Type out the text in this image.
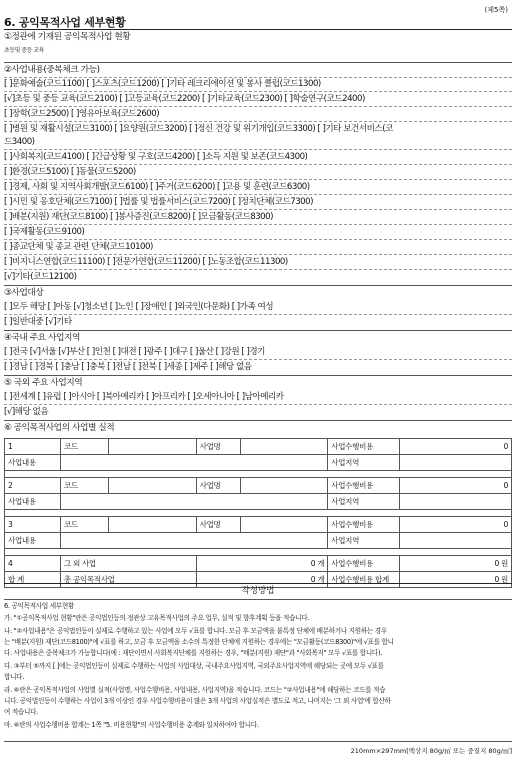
(제5쪽)
6. 공익목적사업 세부현황
①정관에 기재된 공익목적사업 현황
초등및 중등 교육
②사업내용(중복체크 가능)
[ ]문화예술(코드1100) [ ]스포츠(코드1200) [ ]기타 레크리에이션 및 봉사 클럽(코드1300)
[√]초등 및 중등 교육(코드2100) [ ]고등교육(코드2200) [ ]기타교육(코드2300) [ ]학술연구(코드2400)
[ ]장학(코드2500) [ ]영유아보육(코드2600)
[ ]병원 및 재활시설(코드3100) [ ]요양원(코드3200) [ ]정신 건강 및 위기개입(코드3300) [ ]기타 보건서비스(코
드3400)
[ ]사회복지(코드4100) [ ]긴급상황 및 구호(코드4200) [ ]소득 지원 및 보존(코드4300)
[ ]환경(코드5100) [ ]동물(코드5200)
[ ]경제, 사회 및 지역사회개발(코드6100) [ ]주거(코드6200) [ ]고용 및 훈련(코드6300)
[ ]시민 및 옹호단체(코드7100) [ ]법률 및 법률서비스(코드7200) [ ]정치단체(코드7300)
[ ]배분(지원) 재단(코드8100) [ ]봉사증진(코드8200) [ ]모금활동(코드8300)
[ ]국제활동(코드9100)
[ ]종교단체 및 종교 관련 단체(코드10100)
[ ]비지니스연합(코드11100) [ ]전문가연합(코드11200) [ ]노동조합(코드11300)
[√]기타(코드12100)
③사업대상
[ ]모두 해당 [ ]아동 [√]청소년 [ ]노인 [ ]장애인 [ ]외국인(다문화) [ ]가족 여성
[ ]일반대중 [√]기타
④국내 주요 사업지역
[ ]전국 [√]서울 [√]부산 [ ]인천 [ ]대전 [ ]광주 [ ]대구 [ ]울산 [ ]강원 [ ]경기
[ ]경남 [ ]경북 [ ]충남 [ ]충북 [ ]전남 [ ]전북 [ ]세종 [ ]제주 [ ]해당 없음
⑤ 국외 주요 사업지역
[ ]전세계 [ ]유럽 [ ]아시아 [ ]북아메리카 [ ]아프리카 [ ]오세아니아 [ ]남아메리카
[√]해당 없음
⑥ 공익목적사업의 사업별 실적
1	코드		사업명		사업수행비용	0
사업내용					사업지역	

2	코드		사업명		사업수행비용	0
사업내용					사업지역	

3	코드		사업명		사업수행비용	0
사업내용					사업지역	

4	그 외 사업		0 개		사업수행비용	0 원
합 계	총 공익목적사업		0 개		사업수행비용 합계	0 원
작성방법
6. 공익목적사업 세부현황
가. "①공익목적사업 현황"란은 공익법인등의 정관상 고유목적사업의 주요 업무, 실적 및 향후계획 등을 적습니다.
나. "②사업내용"은 공익법인등이 실제로 수행하고 있는 사업에 모두 √표를 합니다. 모금 후 모금액을 불특정 단체에 배분하거나 지원하는 경우
는 "배분(지원) 재단(코드8100)"에 √표를 하고, 모금 후 모금액을 소수의 특정한 단체에 지원하는 경우에는 "모금활동(코드8300)"에 √표를 합니
다. 사업내용은 중복체크가 가능합니다(예 : 재단이면서 사회복지단체를 지원하는 경우, "배분(지원) 재단"과 "사회복지" 모두 √표를 합니다).
다. ③부터 ⑤까지 [ ]에는 공익법인등이 실제로 수행하는 사업의 사업대상, 국내주요사업지역, 국외주요사업지역에 해당되는 곳에 모두 √표를
합니다.
라. ⑥란은 공익목적사업의 사업별 실적(사업명, 사업수행비용, 사업내용, 사업지역)을 적습니다. 코드는 "②사업내용"에 해당하는 코드를 적습
니다. 공익법인등이 수행하는 사업이 3개 이상인 경우 사업수행비용이 많은 3개 사업의 사업실적은 별도로 적고, 나머지는 '그 외 사업'에 합산하
여 적습니다.
마. ⑥란의 사업수행비용 합계는 1쪽 "5. 비용현황"의 사업수행비용 총계와 일치하여야 합니다.
210mm×297mm[백상지 80g/㎡ 또는 중질지 80g/㎡]
